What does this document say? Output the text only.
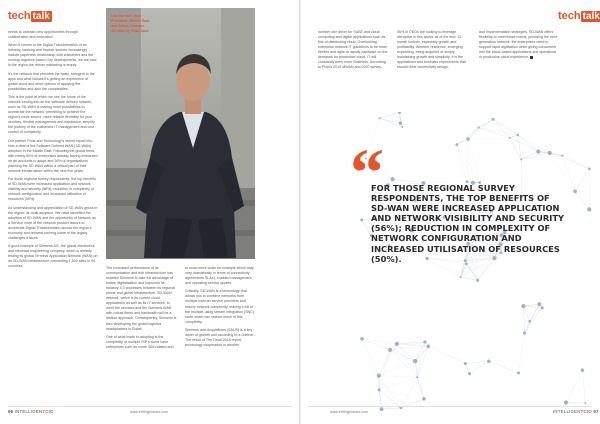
tech talk	tech talk

needs to unleash new opportunities through collaboration and innovation.

When it comes to the Digital Transformation of an industry, banking and finance sectors increasingly include paperless relationship with customers and the coming cognitive based City developments, we are now in the region the reborn marketing is empty.

It's the network that provides the basic, stringent to the apps and what follows it's getting an experience of global cloud and other options of applying the possibilities and also the complexities.

This is the point at which we see the future of the network turning into an the software defined network, such as SD-WAN is making more possibilities to accelerate the network, permitting to achieve the region's more secure, more reliable flexibility for your services, flexible management and expansion, simplify the journey of the customers IT management and cost control of complexity.

Our partner Frost and Technology's recent report into how a deal of the Software Defined WAN (SD-WAN) adoption in the Middle East. Following the global trend, with nearly 60% of enterprises already having embarked on an accounts to adopt and 36% of organisations planning the SD-WAN within a critical part of their network infrastructure within the next five years.

For those regional survey respondents, the top benefits of SD-WAN were increased application and network visibility and security (56%); reduction in complexity of network configuration and increased utilisation of resources (50%).

As understanding and appreciation of SD-WAN grows in the region, its multi-adoption. We have identified the adoption of SD-WAN and the opportunity of Network as a Service more of the network product factors to accelerate Digital Transformation across the region's economy and reinvest running some of the legacy challenges it faces.

A good example of Siemens AG, the global electronics and electrical engineering company, which is already testing its global Terminal Application Network (WAN) on an SD-WAN infrastructure connecting 1,500 sites in 94 countries.

Luc Gerrard, Vice President, Middle East and Africa, Vmware SD-Wan by VeloCloud

The increased performance of its communication and hub infrastructure has enabled Siemens to take full advantage of further digitalisation and improved its industry 4.0 processes between its regional plants and global infrastructure. SD-WAN network, which is its current cloud applications as well as its IT services, to meet the services and the Siemens WAN with robust fibres and bandwidth will be a distinct approach. Consequently, Siemens is also developing the global logistics headquarters in Dubai.

One of what leads to adopting is the complexity of multiple ISP's some have enterprises such as some SIM-related and

to know more costs for example which may vary dramatically in terms of connectivity agreements SLAs), enabled management and operating service quotes.

Critically, SD-WAN is a technology that allows you to combine networks from multiple Internet service providers and reduce network complexity, leaving it full of the multiple-using stream integration (SNC) route which can reduce much of this complexity.

Siemens and Acquisitions (SAUS) is a key driver of growth and according to a Gartner... The result of The Dead 2018 report, technology cooperation in another

number one driver for SASE and cloud computing and digital applications such as this of distributing cloud. Overlooking enterprise network IT guidelines to be more flexible and agile to rapidly capitalise on the demands for productive cloud. IT will constantly been more Business. According to Pixel's 2019 MWAN and 2020 survey.

56% of CEOs are looking to leverage disruptive in this sector as of the end. 12-month horizon, especially growth and profitability. Whether resilience, emerging, expanding, being acquired or simply maintaining growth and simplicity. It is the applications and business experiments that should drive connectivity design.

and implementation strategies. SD-WAN offers flexibility to meet these norms, providing the next generation network, the enterprises need to support rapid digitisation while giving consumers into the cloud-based applications and operations or productive cloud experience.

“
FOR THOSE REGIONAL SURVEY RESPONDENTS, THE TOP BENEFITS OF SD-WAN WERE INCREASED APPLICATION AND NETWORK VISIBILITY AND SECURITY (56%); REDUCTION IN COMPLEXITY OF NETWORK CONFIGURATION AND INCREASED UTILISATION OF RESOURCES (50%).
96 INTELLIGENTCIO	www.intelligentciso.com	www.intelligentciso.com	INTELLIGENTCIO 97
